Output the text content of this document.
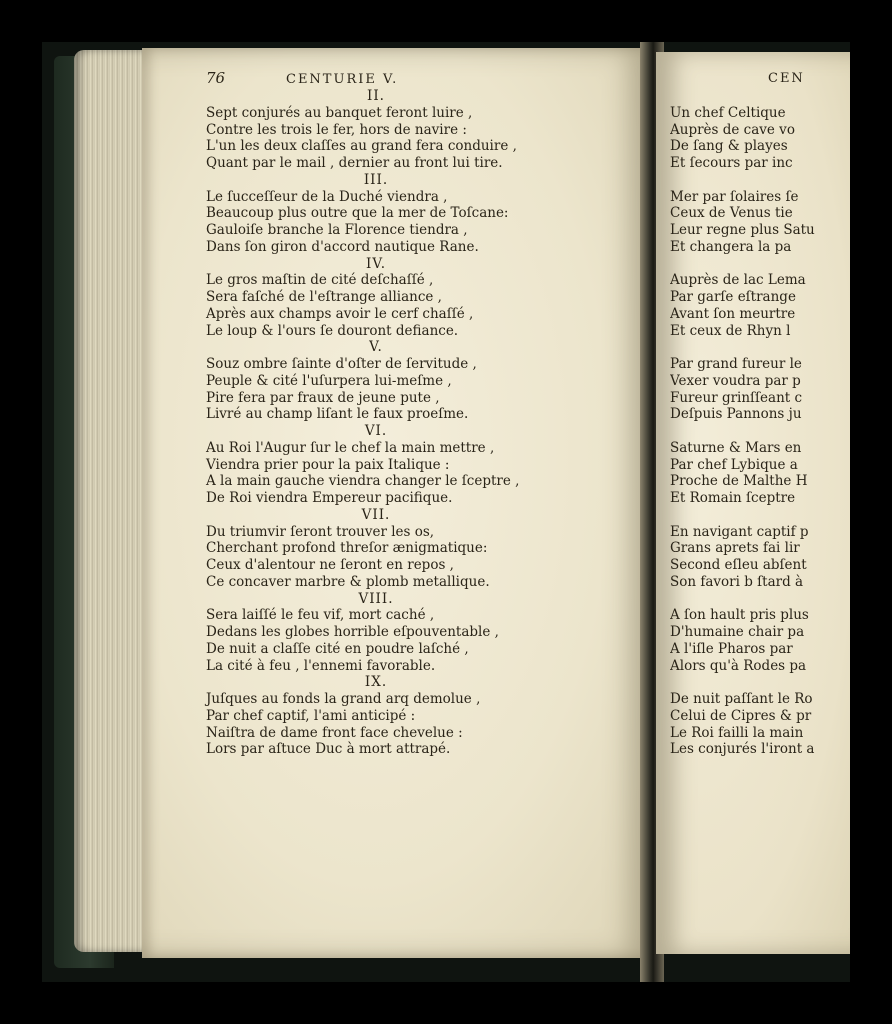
76	CENTURIE V.
II.
Sept conjurés au banquet feront luire ,
Contre les trois le fer, hors de navire :
L'un les deux claſſes au grand fera conduire ,
Quant par le mail , dernier au front lui tire.
III.
Le ſucceſſeur de la Duché viendra ,
Beaucoup plus outre que la mer de Toſcane:
Gauloiſe branche la Florence tiendra ,
Dans ſon giron d'accord nautique Rane.
IV.
Le gros maſtin de cité deſchaſſé ,
Sera faſché de l'eſtrange alliance ,
Après aux champs avoir le cerf chaſſé ,
Le loup & l'ours ſe douront defiance.
V.
Souz ombre ſainte d'oſter de ſervitude ,
Peuple & cité l'uſurpera lui-meſme ,
Pire fera par fraux de jeune pute ,
Livré au champ liſant le faux proeſme.
VI.
Au Roi l'Augur ſur le chef la main mettre ,
Viendra prier pour la paix Italique :
A la main gauche viendra changer le ſceptre ,
De Roi viendra Empereur pacifique.
VII.
Du triumvir ſeront trouver les os,
Cherchant profond threſor ænigmatique:
Ceux d'alentour ne ſeront en repos ,
Ce concaver marbre & plomb metallique.
VIII.
Sera laiſſé le feu vif, mort caché ,
Dedans les globes horrible eſpouventable ,
De nuit a claſſe cité en poudre laſché ,
La cité à feu , l'ennemi favorable.
IX.
Juſques au fonds la grand arq demolue ,
Par chef captif, l'ami anticipé :
Naiſtra de dame front face chevelue :
Lors par aſtuce Duc à mort attrapé.
CEN
Un chef Celtique
Auprès de cave vo
De ſang & playes
Et ſecours par inc
Mer par ſolaires ſe
Ceux de Venus tie
Leur regne plus Satu
Et changera la pa
Auprès de lac Lema
Par garſe eſtrange
Avant ſon meurtre
Et ceux de Rhyn l
Par grand fureur le
Vexer voudra par p
Fureur grinſſeant c
Deſpuis Pannons ju
Saturne & Mars en
Par chef Lybique a
Proche de Malthe H
Et Romain ſceptre
En navigant captif p
Grans aprets fai lir
Second eſleu abſent
Son favori b ſtard à
A ſon hault pris plus
D'humaine chair pa
A l'iſle Pharos par
Alors qu'à Rodes pa
De nuit paſſant le Ro
Celui de Cipres & pr
Le Roi failli la main
Les conjurés l'iront a
